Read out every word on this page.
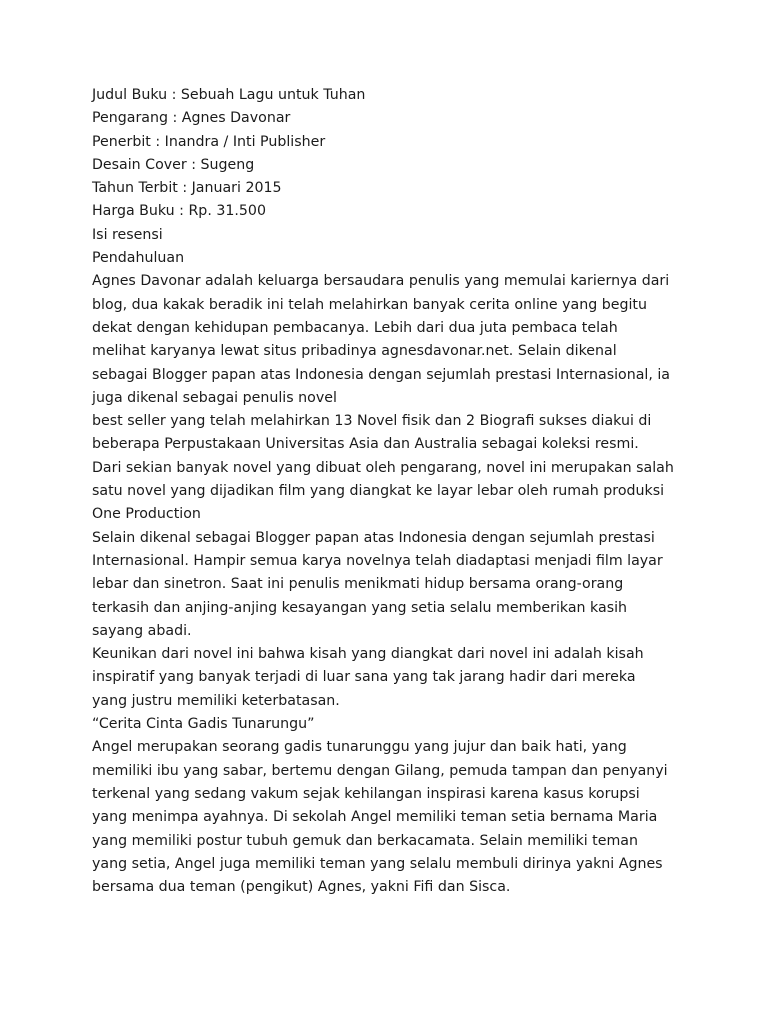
Judul Buku : Sebuah Lagu untuk Tuhan
Pengarang : Agnes Davonar
Penerbit : Inandra / Inti Publisher
Desain Cover : Sugeng
Tahun Terbit : Januari 2015
Harga Buku : Rp. 31.500
Isi resensi
Pendahuluan
Agnes Davonar adalah keluarga bersaudara penulis yang memulai kariernya dari
blog, dua kakak beradik ini telah melahirkan banyak cerita online yang begitu
dekat dengan kehidupan pembacanya. Lebih dari dua juta pembaca telah
melihat karyanya lewat situs pribadinya agnesdavonar.net. Selain dikenal
sebagai Blogger papan atas Indonesia dengan sejumlah prestasi Internasional, ia
juga dikenal sebagai penulis novel
best seller yang telah melahirkan 13 Novel fisik dan 2 Biografi sukses diakui di
beberapa Perpustakaan Universitas Asia dan Australia sebagai koleksi resmi.
Dari sekian banyak novel yang dibuat oleh pengarang, novel ini merupakan salah
satu novel yang dijadikan film yang diangkat ke layar lebar oleh rumah produksi
One Production
Selain dikenal sebagai Blogger papan atas Indonesia dengan sejumlah prestasi
Internasional. Hampir semua karya novelnya telah diadaptasi menjadi film layar
lebar dan sinetron. Saat ini penulis menikmati hidup bersama orang-orang
terkasih dan anjing-anjing kesayangan yang setia selalu memberikan kasih
sayang abadi.
Keunikan dari novel ini bahwa kisah yang diangkat dari novel ini adalah kisah
inspiratif yang banyak terjadi di luar sana yang tak jarang hadir dari mereka
yang justru memiliki keterbatasan.
“Cerita Cinta Gadis Tunarungu”
Angel merupakan seorang gadis tunarunggu yang jujur dan baik hati, yang
memiliki ibu yang sabar, bertemu dengan Gilang, pemuda tampan dan penyanyi
terkenal yang sedang vakum sejak kehilangan inspirasi karena kasus korupsi
yang menimpa ayahnya. Di sekolah Angel memiliki teman setia bernama Maria
yang memiliki postur tubuh gemuk dan berkacamata. Selain memiliki teman
yang setia, Angel juga memiliki teman yang selalu membuli dirinya yakni Agnes
bersama dua teman (pengikut) Agnes, yakni Fifi dan Sisca.
